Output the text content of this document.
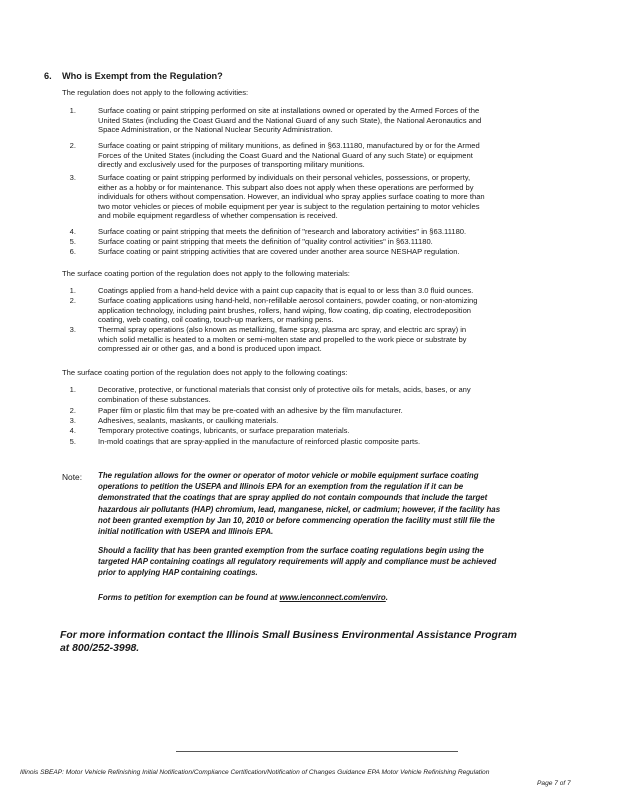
6. Who is Exempt from the Regulation?
The regulation does not apply to the following activities:
1.	Surface coating or paint stripping performed on site at installations owned or operated by the Armed Forces of the
United States (including the Coast Guard and the National Guard of any such State), the National Aeronautics and
Space Administration, or the National Nuclear Security Administration.
2.	Surface coating or paint stripping of military munitions, as defined in §63.11180, manufactured by or for the Armed
Forces of the United States (including the Coast Guard and the National Guard of any such State) or equipment
directly and exclusively used for the purposes of transporting military munitions.
3.	Surface coating or paint stripping performed by individuals on their personal vehicles, possessions, or property,
either as a hobby or for maintenance. This subpart also does not apply when these operations are performed by
individuals for others without compensation. However, an individual who spray applies surface coating to more than
two motor vehicles or pieces of mobile equipment per year is subject to the regulation pertaining to motor vehicles
and mobile equipment regardless of whether compensation is received.
4.	Surface coating or paint stripping that meets the definition of "research and laboratory activities" in §63.11180.
5.	Surface coating or paint stripping that meets the definition of "quality control activities" in §63.11180.
6.	Surface coating or paint stripping activities that are covered under another area source NESHAP regulation.
The surface coating portion of the regulation does not apply to the following materials:
1.	Coatings applied from a hand-held device with a paint cup capacity that is equal to or less than 3.0 fluid ounces.
2.	Surface coating applications using hand-held, non-refillable aerosol containers, powder coating, or non-atomizing
application technology, including paint brushes, rollers, hand wiping, flow coating, dip coating, electrodeposition
coating, web coating, coil coating, touch-up markers, or marking pens.
3.	Thermal spray operations (also known as metallizing, flame spray, plasma arc spray, and electric arc spray) in
which solid metallic is heated to a molten or semi-molten state and propelled to the work piece or substrate by
compressed air or other gas, and a bond is produced upon impact.
The surface coating portion of the regulation does not apply to the following coatings:
1.	Decorative, protective, or functional materials that consist only of protective oils for metals, acids, bases, or any
combination of these substances.
2.	Paper film or plastic film that may be pre-coated with an adhesive by the film manufacturer.
3.	Adhesives, sealants, maskants, or caulking materials.
4.	Temporary protective coatings, lubricants, or surface preparation materials.
5.	In-mold coatings that are spray-applied in the manufacture of reinforced plastic composite parts.
Note: The regulation allows for the owner or operator of motor vehicle or mobile equipment surface coating
operations to petition the USEPA and Illinois EPA for an exemption from the regulation if it can be
demonstrated that the coatings that are spray applied do not contain compounds that include the target
hazardous air pollutants (HAP) chromium, lead, manganese, nickel, or cadmium; however, if the facility has
not been granted exemption by Jan 10, 2010 or before commencing operation the facility must still file the
initial notification with USEPA and Illinois EPA.
Should a facility that has been granted exemption from the surface coating regulations begin using the
targeted HAP containing coatings all regulatory requirements will apply and compliance must be achieved
prior to applying HAP containing coatings.
Forms to petition for exemption can be found at www.ienconnect.com/enviro.
For more information contact the Illinois Small Business Environmental Assistance Program
at 800/252-3998.
Illinois SBEAP: Motor Vehicle Refinishing Initial Notification/Compliance Certification/Notification of Changes Guidance EPA Motor Vehicle Refinishing Regulation
Page 7 of 7
